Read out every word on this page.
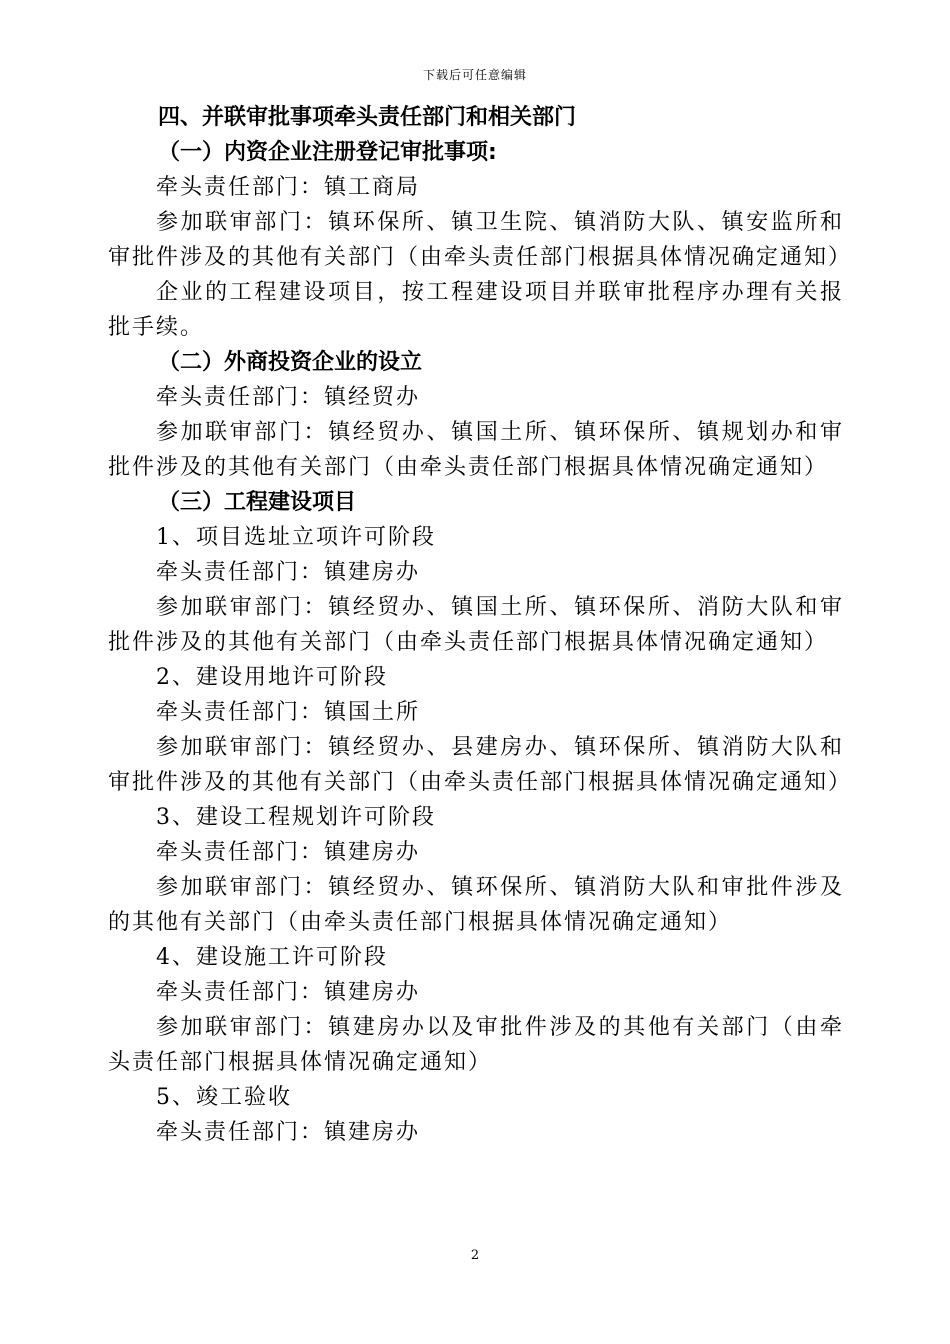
下载后可任意编辑

四、并联审批事项牵头责任部门和相关部门

（一）内资企业注册登记审批事项:

牵头责任部门：镇工商局

参加联审部门：镇环保所、镇卫生院、镇消防大队、镇安监所和审批件涉及的其他有关部门（由牵头责任部门根据具体情况确定通知）

企业的工程建设项目，按工程建设项目并联审批程序办理有关报批手续。

（二）外商投资企业的设立

牵头责任部门：镇经贸办

参加联审部门：镇经贸办、镇国土所、镇环保所、镇规划办和审批件涉及的其他有关部门（由牵头责任部门根据具体情况确定通知）

（三）工程建设项目

1、项目选址立项许可阶段

牵头责任部门：镇建房办

参加联审部门：镇经贸办、镇国土所、镇环保所、消防大队和审批件涉及的其他有关部门（由牵头责任部门根据具体情况确定通知）

2、建设用地许可阶段

牵头责任部门：镇国土所

参加联审部门：镇经贸办、县建房办、镇环保所、镇消防大队和审批件涉及的其他有关部门（由牵头责任部门根据具体情况确定通知）

3、建设工程规划许可阶段

牵头责任部门：镇建房办

参加联审部门：镇经贸办、镇环保所、镇消防大队和审批件涉及的其他有关部门（由牵头责任部门根据具体情况确定通知）

4、建设施工许可阶段

牵头责任部门：镇建房办

参加联审部门：镇建房办以及审批件涉及的其他有关部门（由牵头责任部门根据具体情况确定通知）

5、竣工验收

牵头责任部门：镇建房办

2
